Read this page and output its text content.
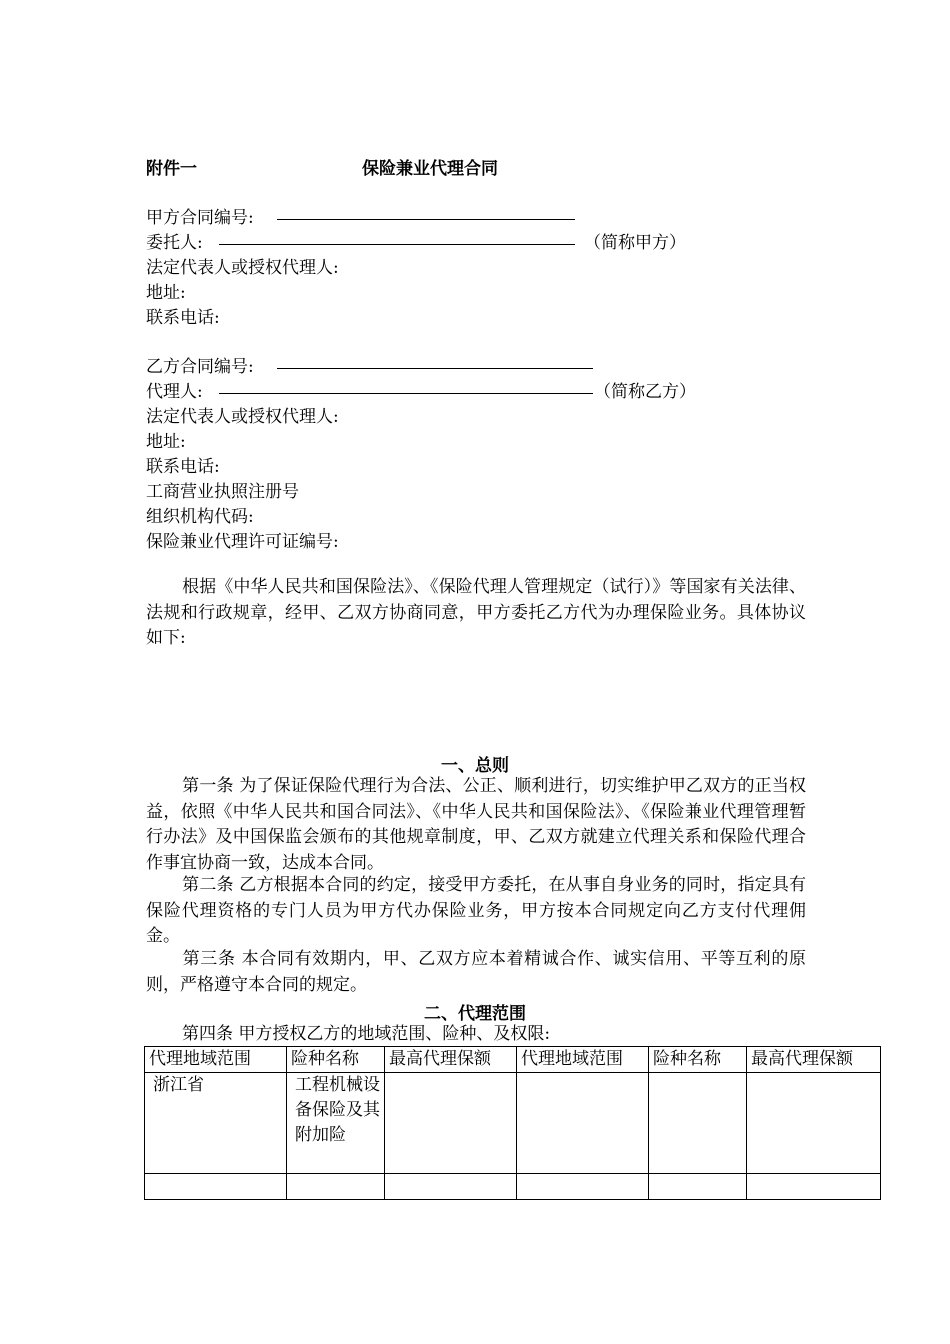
附件一	保险兼业代理合同
甲方合同编号:
委托人:	（简称甲方）
法定代表人或授权代理人:
地址:
联系电话:
乙方合同编号:
代理人:	（简称乙方）
法定代表人或授权代理人:
地址:
联系电话:
工商营业执照注册号
组织机构代码:
保险兼业代理许可证编号:
根据《中华人民共和国保险法》、《保险代理人管理规定（试行）》等国家有关法律、法规和行政规章，经甲、乙双方协商同意，甲方委托乙方代为办理保险业务。具体协议如下:
一、总则
第一条 为了保证保险代理行为合法、公正、顺利进行，切实维护甲乙双方的正当权益，依照《中华人民共和国合同法》、《中华人民共和国保险法》、《保险兼业代理管理暂行办法》及中国保监会颁布的其他规章制度，甲、乙双方就建立代理关系和保险代理合作事宜协商一致，达成本合同。
第二条 乙方根据本合同的约定，接受甲方委托，在从事自身业务的同时，指定具有保险代理资格的专门人员为甲方代办保险业务，甲方按本合同规定向乙方支付代理佣金。
第三条 本合同有效期内，甲、乙双方应本着精诚合作、诚实信用、平等互利的原则，严格遵守本合同的规定。
二、代理范围
第四条 甲方授权乙方的地域范围、险种、及权限:
代理地域范围	险种名称	最高代理保额	代理地域范围	险种名称	最高代理保额
浙江省	工程机械设备保险及其附加险				
